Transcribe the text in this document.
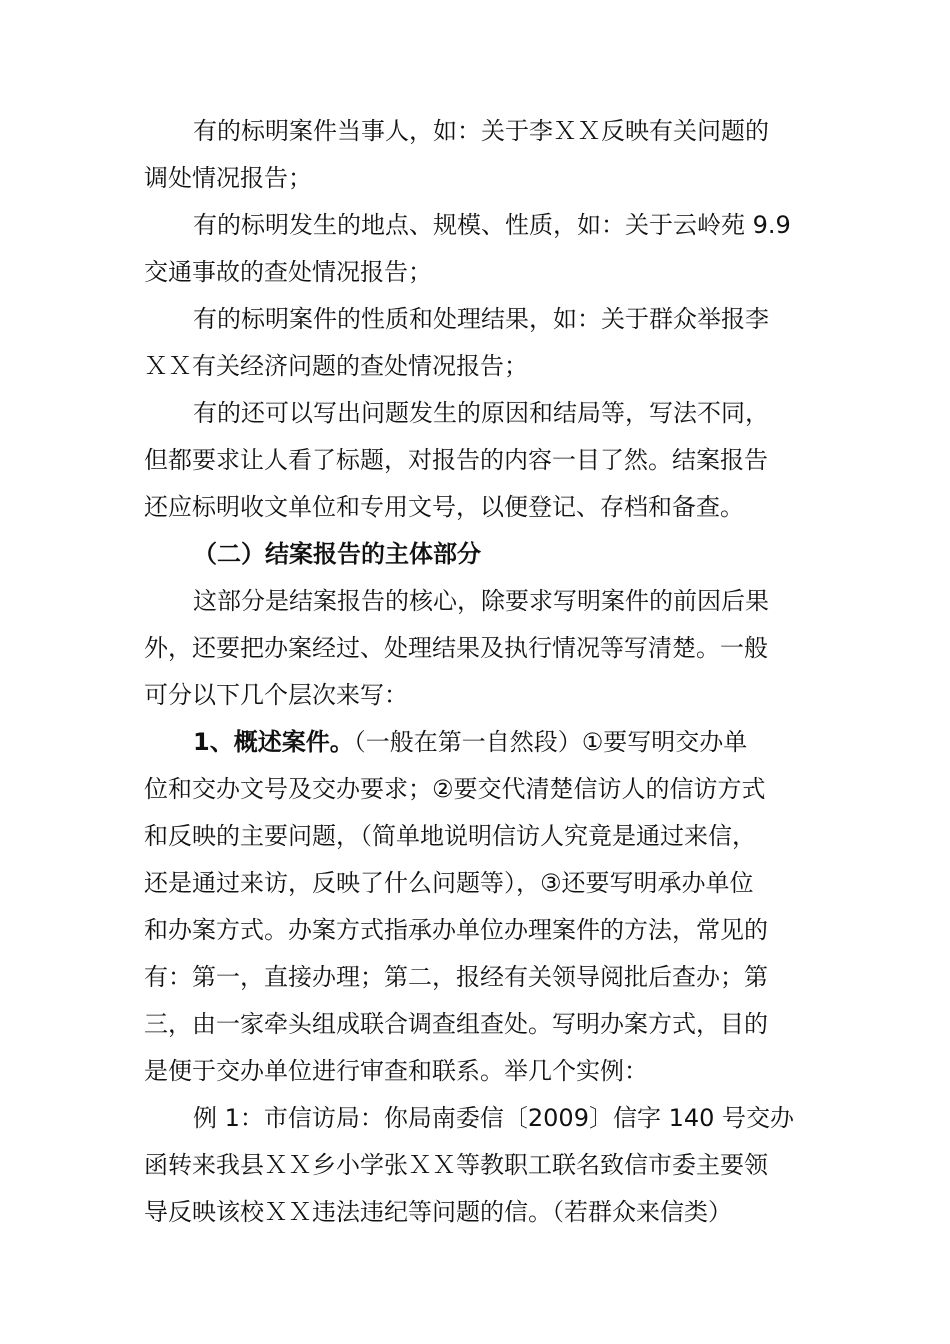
有的标明案件当事人，如：关于李ＸＸ反映有关问题的
调处情况报告；
有的标明发生的地点、规模、性质，如：关于云岭苑 9.9
交通事故的查处情况报告；
有的标明案件的性质和处理结果，如：关于群众举报李
ＸＸ有关经济问题的查处情况报告；
有的还可以写出问题发生的原因和结局等，写法不同，
但都要求让人看了标题，对报告的内容一目了然。结案报告
还应标明收文单位和专用文号，以便登记、存档和备查。
（二）结案报告的主体部分
这部分是结案报告的核心，除要求写明案件的前因后果
外，还要把办案经过、处理结果及执行情况等写清楚。一般
可分以下几个层次来写：
1、概述案件。（一般在第一自然段）①要写明交办单
位和交办文号及交办要求；②要交代清楚信访人的信访方式
和反映的主要问题，（简单地说明信访人究竟是通过来信，
还是通过来访，反映了什么问题等），③还要写明承办单位
和办案方式。办案方式指承办单位办理案件的方法，常见的
有：第一，直接办理；第二，报经有关领导阅批后查办；第
三，由一家牵头组成联合调查组查处。写明办案方式，目的
是便于交办单位进行审查和联系。举几个实例：
例 1：市信访局：你局南委信〔2009〕信字 140 号交办
函转来我县ＸＸ乡小学张ＸＸ等教职工联名致信市委主要领
导反映该校ＸＸ违法违纪等问题的信。（若群众来信类）
